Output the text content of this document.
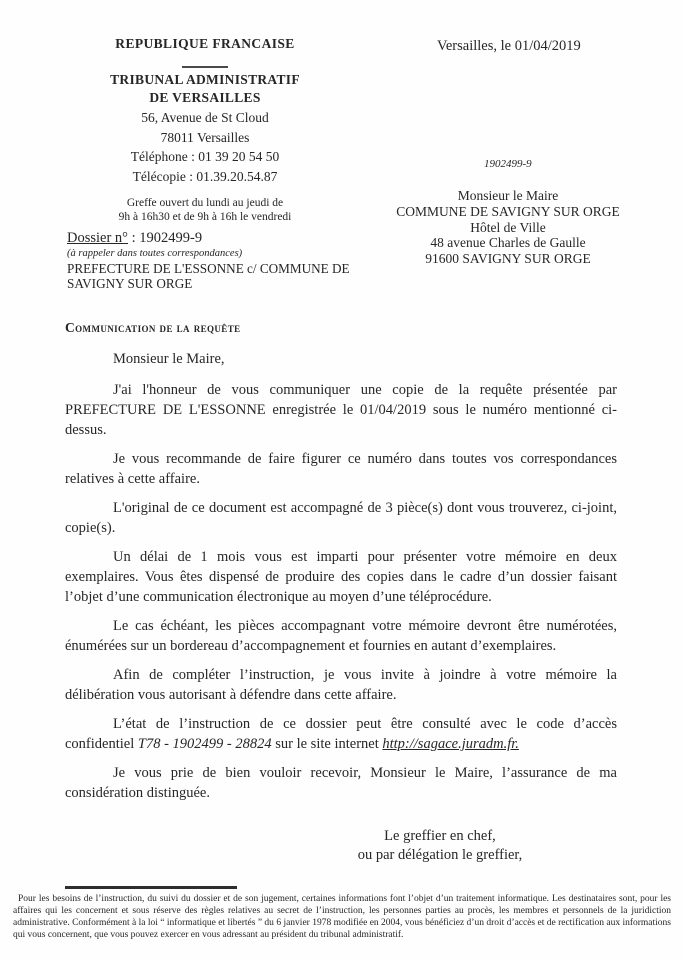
REPUBLIQUE FRANCAISE
TRIBUNAL ADMINISTRATIF
DE VERSAILLES
56, Avenue de St Cloud
78011 Versailles
Téléphone : 01 39 20 54 50
Télécopie : 01.39.20.54.87
Greffe ouvert du lundi au jeudi de
9h à 16h30 et de 9h à 16h le vendredi
Versailles, le 01/04/2019
1902499-9
Monsieur le Maire
COMMUNE DE SAVIGNY SUR ORGE
Hôtel de Ville
48 avenue Charles de Gaulle
91600 SAVIGNY SUR ORGE
Dossier n° : 1902499-9
(à rappeler dans toutes correspondances)
PREFECTURE DE L'ESSONNE c/ COMMUNE DE SAVIGNY SUR ORGE
Communication de la requête
Monsieur le Maire,

J'ai l'honneur de vous communiquer une copie de la requête présentée par PREFECTURE DE L'ESSONNE enregistrée le 01/04/2019 sous le numéro mentionné ci-dessus.

Je vous recommande de faire figurer ce numéro dans toutes vos correspondances relatives à cette affaire.

L'original de ce document est accompagné de 3 pièce(s) dont vous trouverez, ci-joint, copie(s).

Un délai de 1 mois vous est imparti pour présenter votre mémoire en deux exemplaires. Vous êtes dispensé de produire des copies dans le cadre d’un dossier faisant l’objet d’une communication électronique au moyen d’une téléprocédure.

Le cas échéant, les pièces accompagnant votre mémoire devront être numérotées, énumérées sur un bordereau d’accompagnement et fournies en autant d’exemplaires.

Afin de compléter l’instruction, je vous invite à joindre à votre mémoire la délibération vous autorisant à défendre dans cette affaire.

L’état de l’instruction de ce dossier peut être consulté avec le code d’accès confidentiel T78 - 1902499 - 28824 sur le site internet http://sagace.juradm.fr.

Je vous prie de bien vouloir recevoir, Monsieur le Maire, l’assurance de ma considération distinguée.

Le greffier en chef,
ou par délégation le greffier,
Pour les besoins de l’instruction, du suivi du dossier et de son jugement, certaines informations font l’objet d’un traitement informatique. Les destinataires sont, pour les affaires qui les concernent et sous réserve des règles relatives au secret de l’instruction, les personnes parties au procès, les membres et personnels de la juridiction administrative. Conformément à la loi “ informatique et libertés ” du 6 janvier 1978 modifiée en 2004, vous bénéficiez d’un droit d’accès et de rectification aux informations qui vous concernent, que vous pouvez exercer en vous adressant au président du tribunal administratif.
